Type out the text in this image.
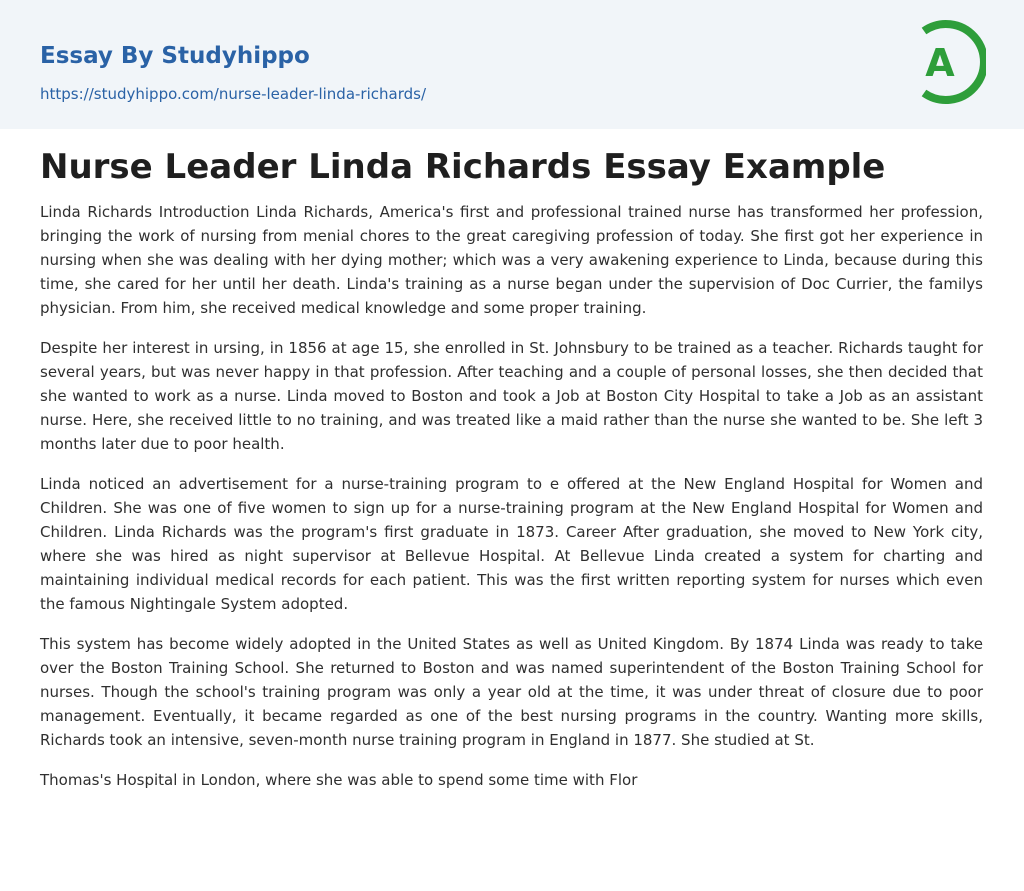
Essay By Studyhippo
https://studyhippo.com/nurse-leader-linda-richards/
A
Nurse Leader Linda Richards Essay Example

Linda Richards Introduction Linda Richards, America's first and professional trained nurse has transformed her profession, bringing the work of nursing from menial chores to the great caregiving profession of today. She first got her experience in nursing when she was dealing with her dying mother; which was a very awakening experience to Linda, because during this time, she cared for her until her death. Linda's training as a nurse began under the supervision of Doc Currier, the familys physician. From him, she received medical knowledge and some proper training.

Despite her interest in ursing, in 1856 at age 15, she enrolled in St. Johnsbury to be trained as a teacher. Richards taught for several years, but was never happy in that profession. After teaching and a couple of personal losses, she then decided that she wanted to work as a nurse. Linda moved to Boston and took a Job at Boston City Hospital to take a Job as an assistant nurse. Here, she received little to no training, and was treated like a maid rather than the nurse she wanted to be. She left 3 months later due to poor health.

Linda noticed an advertisement for a nurse-training program to e offered at the New England Hospital for Women and Children. She was one of five women to sign up for a nurse-training program at the New England Hospital for Women and Children. Linda Richards was the program's first graduate in 1873. Career After graduation, she moved to New York city, where she was hired as night supervisor at Bellevue Hospital. At Bellevue Linda created a system for charting and maintaining individual medical records for each patient. This was the first written reporting system for nurses which even the famous Nightingale System adopted.

This system has become widely adopted in the United States as well as United Kingdom. By 1874 Linda was ready to take over the Boston Training School. She returned to Boston and was named superintendent of the Boston Training School for nurses. Though the school's training program was only a year old at the time, it was under threat of closure due to poor management. Eventually, it became regarded as one of the best nursing programs in the country. Wanting more skills, Richards took an intensive, seven-month nurse training program in England in 1877. She studied at St.

Thomas's Hospital in London, where she was able to spend some time with Flor
